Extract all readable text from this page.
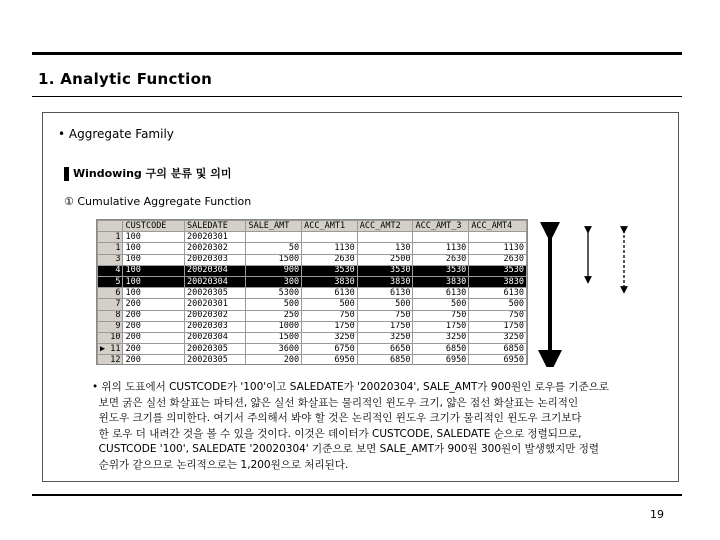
1. Analytic Function
• Aggregate Family
Windowing 구의 분류 및 의미
① Cumulative Aggregate Function
	CUSTCODE	SALEDATE	SALE_AMT	ACC_AMT1	ACC_AMT2	ACC_AMT_3	ACC_AMT4
1	100	20020301					
1	100	20020302	50	1130	130	1130	1130
3	100	20020303	1500	2630	2500	2630	2630
4	100	20020304	900	3530	3530	3530	3530
5	100	20020304	300	3830	3830	3830	3830
6	100	20020305	5300	6130	6130	6130	6130
7	200	20020301	500	500	500	500	500
8	200	20020302	250	750	750	750	750
9	200	20020303	1000	1750	1750	1750	1750
10	200	20020304	1500	3250	3250	3250	3250
▶ 11	200	20020305	3600	6750	6650	6850	6850
12	200	20020305	200	6950	6850	6950	6950

• 위의 도표에서 CUSTCODE가 '100'이고 SALEDATE가 '20020304', SALE_AMT가 900원인 로우를 기준으로

보면 굵은 실선 화살표는 파티션, 얇은 실선 화살표는 물리적인 윈도우 크기, 얇은 점선 화살표는 논리적인

윈도우 크기를 의미한다. 여기서 주의해서 봐야 할 것은 논리적인 윈도우 크기가 물리적인 윈도우 크기보다

한 로우 더 내려간 것을 볼 수 있을 것이다. 이것은 데이터가 CUSTCODE, SALEDATE 순으로 정렬되므로,

CUSTCODE '100', SALEDATE '20020304' 기준으로 보면 SALE_AMT가 900원 300원이 발생했지만 정렬

순위가 같으므로 논리적으로는 1,200원으로 처리된다.

19
